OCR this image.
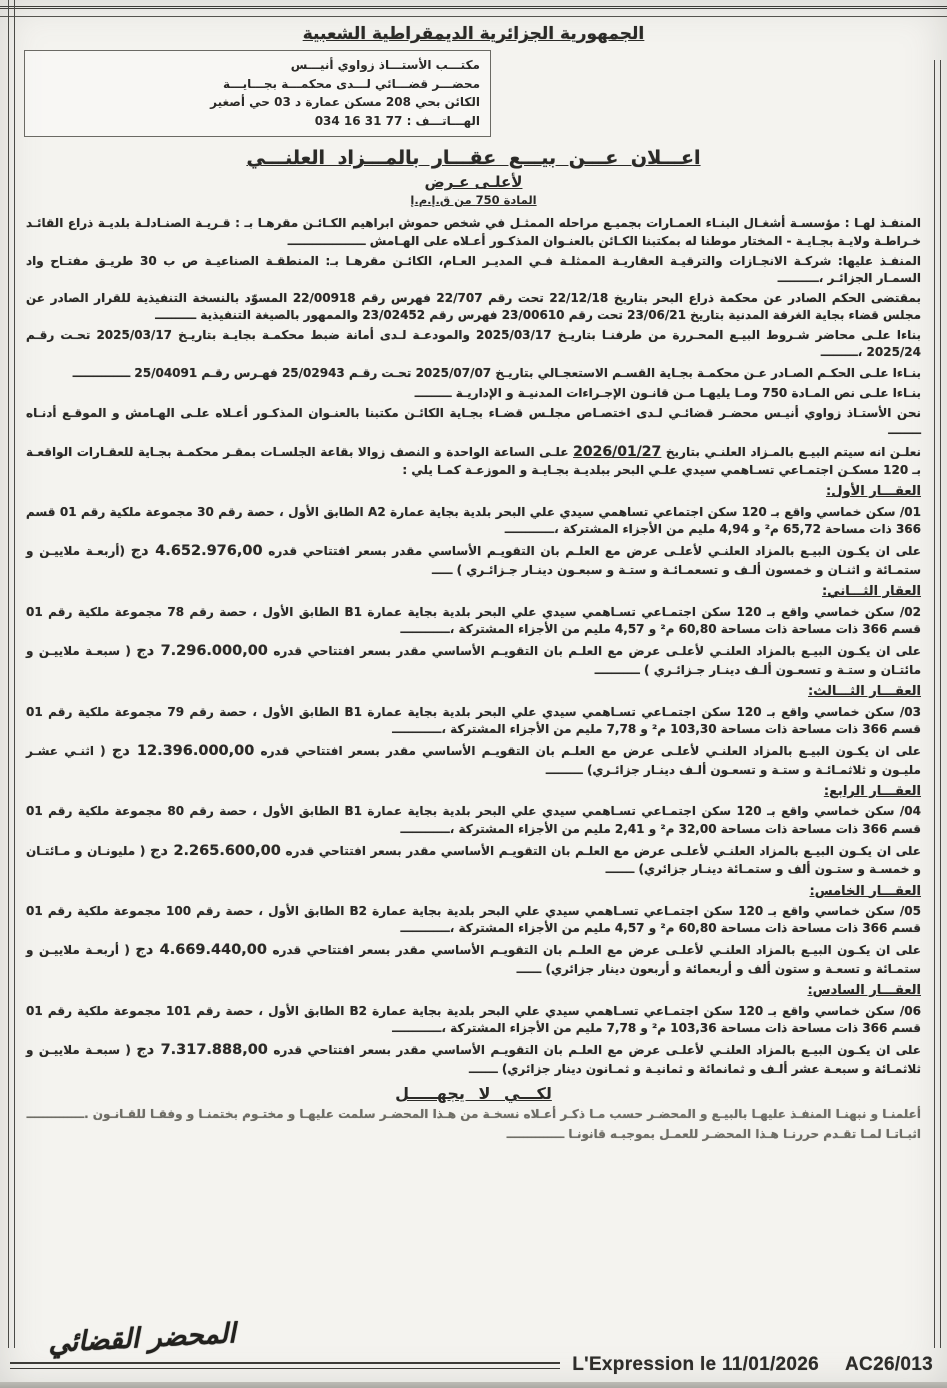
الجمهورية الجزائرية الديمقراطية الشعبية
مكتـــب الأستـــاذ زواوي أنيـــس
محضـــر قضـــائي لـــدى محكمـــة بجـــايـــة
الكائن بحي 208 مسكن عمارة د 03 حي أصغير
الهـــاتـــف : 034 16 31 77
اعـــلان عـــن بيـــع عقـــار بالمـــزاد العلنـــي
لأعلـى عـرض
المادة 750 من ق.إ.م.إ

المنفـذ لهـا : مؤسسـة أشغـال البنـاء العمـارات بجميـع مراحله الممثـل في شخص حموش ابراهيم الكـائـن مقرهـا بـ : قـريـة الصنـادلـة بلديـة ذراع القائـد خـراطـة ولايـة بجـايـة - المختار موطنا له بمكتبنا الكـائن بالعنـوان المذكـور أعـلاه على الهـامش ـــــــــــــــــــ

المنفـذ عليها: شركـة الانجـازات والترقيـة العقاريـة الممثلـة فـي المديـر العـام، الكائـن مقرهـا بـ: المنطقـة الصناعيـة ص ب 30 طريـق مفتـاح واد السمـار الجزائـر ،ــــــــــ

بمقتضى الحكم الصادر عن محكمة ذراع البحر بتاريخ 22/12/18 تحت رقم 22/707 فهرس رقم 22/00918 المسوّد بالنسخة التنفيذية للقرار الصادر عن مجلس قضاء بجاية الغرفة المدنية بتاريخ 23/06/21 تحت رقم 23/00610 فهرس رقم 23/02452 والممهور بالصيغة التنفيذية ــــــــــ

بناءا علـى محاضر شـروط البيـع المحـررة من طرفنـا بتاريـخ 2025/03/17 والمودعـة لـدى أمانة ضبط محكمـة بجايـة بتاريـخ 2025/03/17 تحـت رقـم 2025/24 ،ـــــــــ

بنـاءا علـى الحكـم الصـادر عـن محكمـة بجـاية القسـم الاستعجـالي بتاريـخ 2025/07/07 تحـت رقـم 25/02943 فهـرس رقـم 25/04091 ــــــــــــــ

بنـاءا علـى نص المـادة 750 ومـا يليهـا مـن قانـون الإجـراءات المدنيـة و الإداريـة ـــــــــ

نحن الأستـاذ زواوي أنيـس محضـر قضائـي لـدى اختصـاص مجلـس قضـاء بجـاية الكائـن مكتبنا بالعنـوان المذكـور أعـلاه علـى الهـامش و الموقـع أدنـاه ــــــــ

نعلـن انه سيتم البيـع بالمـزاد العلنـي بتاريخ 2026/01/27 علـى الساعة الواحدة و النصف زوالا بقاعة الجلسـات بمقـر محكمـة بجـاية للعقـارات الواقعـة بـ 120 مسكـن اجتمـاعي تسـاهمي سيدي علـي البحر ببلديـة بجـايـة و الموزعـة كمـا يلي :

العقـــار الأول:

01/ سكن خماسي واقع بـ 120 سكن اجتماعي تساهمي سيدي علي البحر بلدية بجاية عمارة A2 الطابق الأول ، حصة رقم 30 مجموعة ملكية رقم 01 قسم 366 ذات مساحة 65,72 م² و 4,94 مليم من الأجزاء المشتركة ،ــــــــــــ

على ان يكـون البيـع بالمزاد العلنـي لأعلـى عرض مع العلـم بان التقويـم الأساسي مقدر بسعر افتتاحي قدره 4.652.976,00 دج (أربعـة ملاييـن و ستمـائة و اثنـان و خمسون ألـف و تسعمـائـة و ستـة و سبعـون دينـار جـزائـري ) ـــــ

العقار الثـــاني:

02/ سكن خماسي واقع بـ 120 سكن اجتمـاعي تسـاهمي سيدي علي البحر بلدية بجاية عمارة B1 الطابق الأول ، حصة رقم 78 مجموعة ملكية رقم 01 قسم 366 ذات مساحة ذات مساحة 60,80 م² و 4,57 مليم من الأجزاء المشتركة ،ــــــــــــ

على ان يكـون البيـع بالمزاد العلنـي لأعلـى عرض مع العلـم بان التقويـم الأساسي مقدر بسعر افتتاحي قدره 7.296.000,00 دج ( سبعـة ملاييـن و مائتـان و ستـة و تسعـون ألـف دينـار جـزائـري ) ـــــــــــ

العقـــار الثـــالث:

03/ سكن خماسي واقع بـ 120 سكن اجتمـاعي تسـاهمي سيدي علي البحر بلدية بجاية عمارة B1 الطابق الأول ، حصة رقم 79 مجموعة ملكية رقم 01 قسم 366 ذات مساحة ذات مساحة 103,30 م² و 7,78 مليم من الأجزاء المشتركة ،ــــــــــــ

على ان يكـون البيـع بالمزاد العلنـي لأعلـى عرض مع العلـم بان التقويـم الأساسي مقدر بسعر افتتاحي قدره 12.396.000,00 دج ( اثنـي عشـر مليـون و ثلاثمـائـة و ستـة و تسعـون ألـف دينـار جزائـري) ـــــــــ

العقـــار الرابع:

04/ سكن خماسي واقع بـ 120 سكن اجتمـاعي تسـاهمي سيدي علي البحر بلدية بجاية عمارة B1 الطابق الأول ، حصة رقم 80 مجموعة ملكية رقم 01 قسم 366 ذات مساحة ذات مساحة 32,00 م² و 2,41 مليم من الأجزاء المشتركة ،ــــــــــــ

على ان يكـون البيـع بالمزاد العلنـي لأعلـى عرض مع العلـم بان التقويـم الأساسي مقدر بسعر افتتاحي قدره 2.265.600,00 دج ( مليونـان و مـائتـان و خمسـة و ستـون ألف و ستمـائة دينـار جزائري) ـــــــ

العقـــار الخامس:

05/ سكن خماسي واقع بـ 120 سكن اجتمـاعي تسـاهمي سيدي علي البحر بلدية بجاية عمارة B2 الطابق الأول ، حصة رقم 100 مجموعة ملكية رقم 01 قسم 366 ذات مساحة ذات مساحة 60,80 م² و 4,57 مليم من الأجزاء المشتركة ،ــــــــــــ

على ان يكـون البيـع بالمزاد العلنـي لأعلـى عرض مع العلـم بان التقويـم الأساسي مقدر بسعر افتتاحي قدره 4.669.440,00 دج ( أربعـة ملاييـن و ستمـائة و تسعـة و ستون ألف و أربعمائة و أربعون دينار جزائري) ــــــ

العقـــار السادس:

06/ سكن خماسي واقع بـ 120 سكن اجتمـاعي تسـاهمي سيدي علي البحر بلدية بجاية عمارة B2 الطابق الأول ، حصة رقم 101 مجموعة ملكية رقم 01 قسم 366 ذات مساحة ذات مساحة 103,36 م² و 7,78 مليم من الأجزاء المشتركة ،ــــــــــــ

على ان يكـون البيـع بالمزاد العلنـي لأعلـى عرض مع العلـم بان التقويـم الأساسي مقدر بسعر افتتاحي قدره 7.317.888,00 دج ( سبعـة ملاييـن و ثلاثمـائة و سبعـة عشر ألـف و ثمانمائة و ثمانيـة و ثمـانون دينار جزائري) ـــــــ

لكـــي لا يجهـــــل

أعلمنـا و نبهنـا المنفـذ عليهـا بالبيـع و المحضـر حسب مـا ذكـر أعـلاه نسخـة من هـذا المحضـر سلمت عليهـا و مختـوم بختمنـا و وفقـا للقـانـون .ــــــــــــــ

اثبـاتـا لمـا تقـدم حررنـا هـذا المحضـر للعمـل بموجبـه قانونـا ــــــــــــــ

المحضر القضائي
L'Expression le 11/01/2026 AC26/013
